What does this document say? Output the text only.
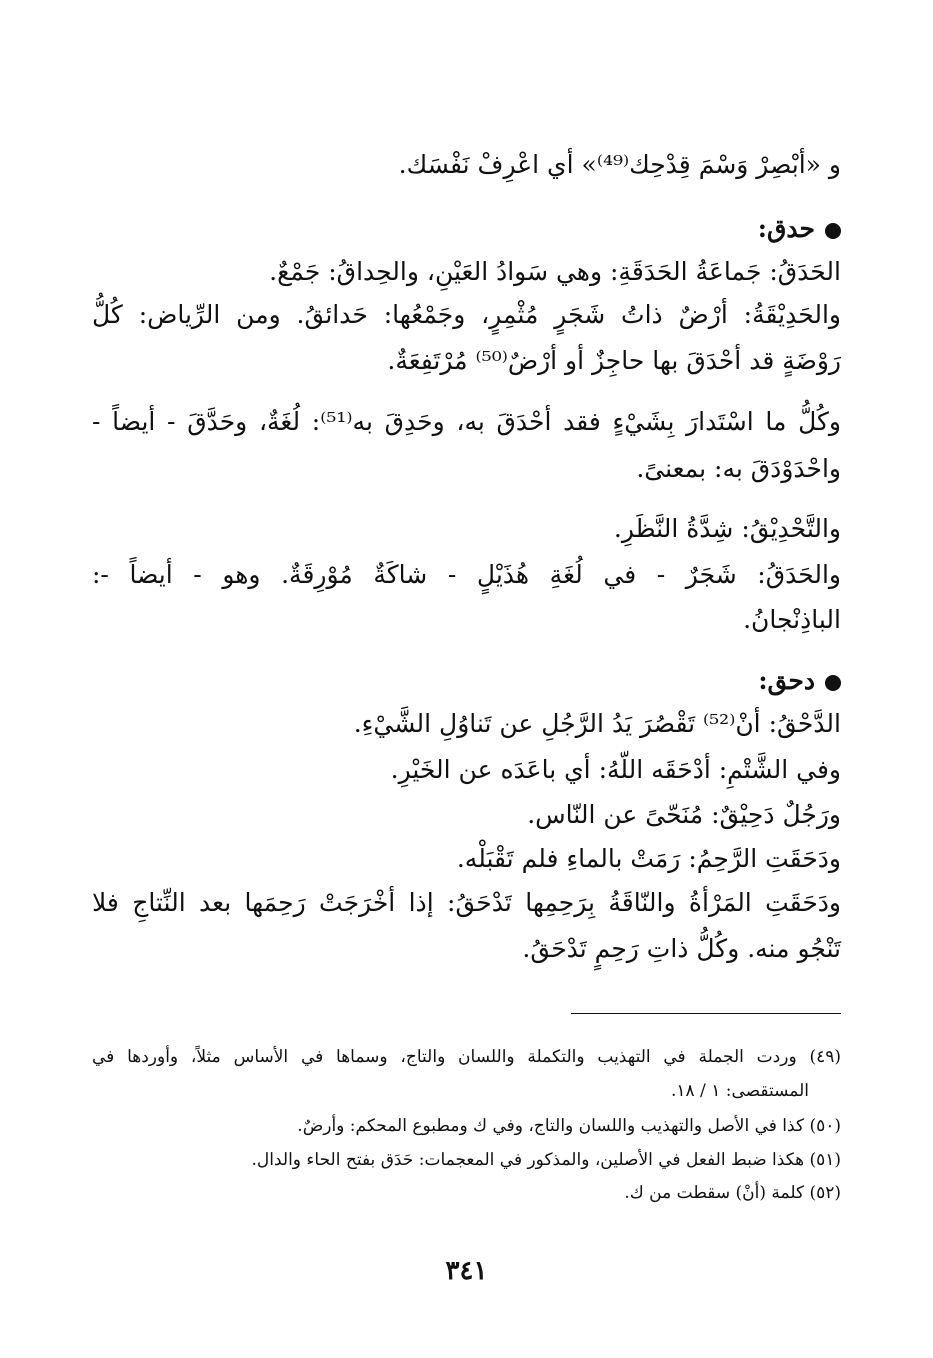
و «أبْصِرْ وَسْمَ قِدْحِك⁽⁴⁹⁾» أي اعْرِفْ نَفْسَك.
حدق:
الحَدَقُ: جَماعَةُ الحَدَقَةِ: وهي سَوادُ العَيْنِ، والحِداقُ: جَمْعٌ.
والحَدِيْقَةُ: أرْضٌ ذاتُ شَجَرٍ مُثْمِرٍ، وجَمْعُها: حَدائقُ. ومن الرِّياض: كُلُّ
رَوْضَةٍ قد أحْدَقَ بها حاجِزٌ أو أرْضٌ⁽⁵⁰⁾ مُرْتَفِعَةٌ.
وكُلُّ ما اسْتَدارَ بِشَيْءٍ فقد أحْدَقَ به، وحَدِقَ به⁽⁵¹⁾: لُغَةٌ، وحَدَّقَ - أيضاً -
واحْدَوْدَقَ به: بمعنىً.
والتَّحْدِيْقُ: شِدَّةُ النَّظَرِ.
والحَدَقُ: شَجَرٌ - في لُغَةِ هُذَيْلٍ - شاكَةٌ مُوْرِقَةٌ. وهو - أيضاً -:
الباذِنْجانُ.
دحق:
الدَّحْقُ: أنْ⁽⁵²⁾ تَقْصُرَ يَدُ الرَّجُلِ عن تَناوُلِ الشَّيْءِ.
وفي الشَّتْمِ: أدْحَقَه اللّهُ: أي باعَدَه عن الخَيْرِ.
ورَجُلٌ دَحِيْقٌ: مُنَحّىً عن النّاس.
ودَحَقَتِ الرَّحِمُ: رَمَتْ بالماءِ فلم تَقْبَلْه.
ودَحَقَتِ المَرْأةُ والنّاقَةُ بِرَحِمِها تَدْحَقُ: إذا أخْرَجَتْ رَحِمَها بعد النِّتاجِ فلا
تَنْجُو منه. وكُلُّ ذاتِ رَحِمٍ تَدْحَقُ.
(٤٩) وردت الجملة في التهذيب والتكملة واللسان والتاج، وسماها في الأساس مثلاً، وأوردها في
المستقصى: ١ / ١٨.
(٥٠) كذا في الأصل والتهذيب واللسان والتاج، وفي ك ومطبوع المحكم: وأرضٌ.
(٥١) هكذا ضبط الفعل في الأصلين، والمذكور في المعجمات: حَدَق بفتح الحاء والدال.
(٥٢) كلمة (أنْ) سقطت من ك.
٣٤١
